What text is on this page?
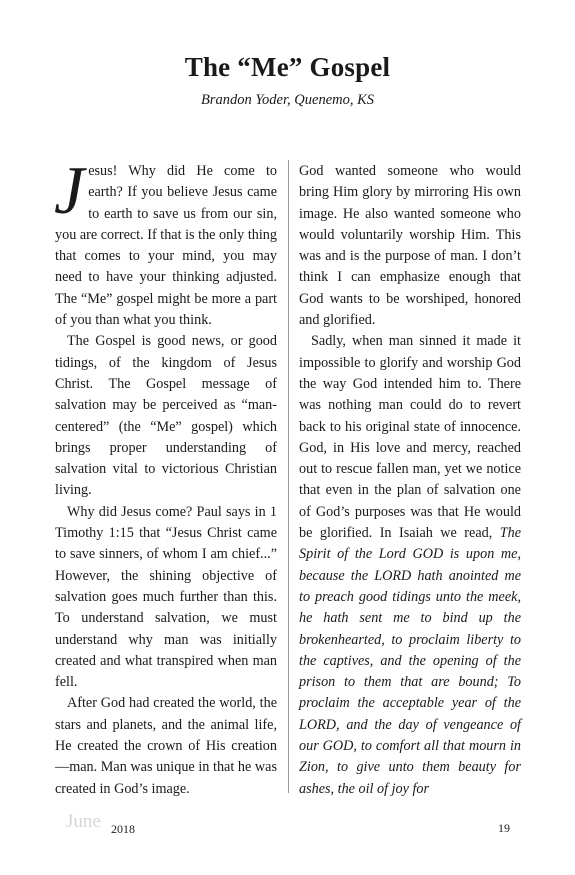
The “Me” Gospel
Brandon Yoder, Quenemo, KS

Jesus! Why did He come to earth? If you believe Jesus came to earth to save us from our sin, you are correct. If that is the only thing that comes to your mind, you may need to have your thinking adjusted. The “Me” gospel might be more a part of you than what you think.

The Gospel is good news, or good tidings, of the kingdom of Jesus Christ. The Gospel message of salvation may be perceived as “man-centered” (the “Me” gospel) which brings proper understanding of salvation vital to victorious Christian living.

Why did Jesus come? Paul says in 1 Timothy 1:15 that “Jesus Christ came to save sinners, of whom I am chief...” However, the shining objective of salvation goes much further than this. To understand salvation, we must understand why man was initially created and what transpired when man fell.

After God had created the world, the stars and planets, and the animal life, He created the crown of His creation—man. Man was unique in that he was created in God’s image.

God wanted someone who would bring Him glory by mirroring His own image. He also wanted someone who would voluntarily worship Him. This was and is the purpose of man. I don’t think I can emphasize enough that God wants to be worshiped, honored and glorified.

Sadly, when man sinned it made it impossible to glorify and worship God the way God intended him to. There was nothing man could do to revert back to his original state of innocence. God, in His love and mercy, reached out to rescue fallen man, yet we notice that even in the plan of salvation one of God’s purposes was that He would be glorified. In Isaiah we read, The Spirit of the Lord GOD is upon me, because the LORD hath anointed me to preach good tidings unto the meek, he hath sent me to bind up the brokenhearted, to proclaim liberty to the captives, and the opening of the prison to them that are bound; To proclaim the acceptable year of the LORD, and the day of vengeance of our GOD, to comfort all that mourn in Zion, to give unto them beauty for ashes, the oil of joy for

June 2018	19
